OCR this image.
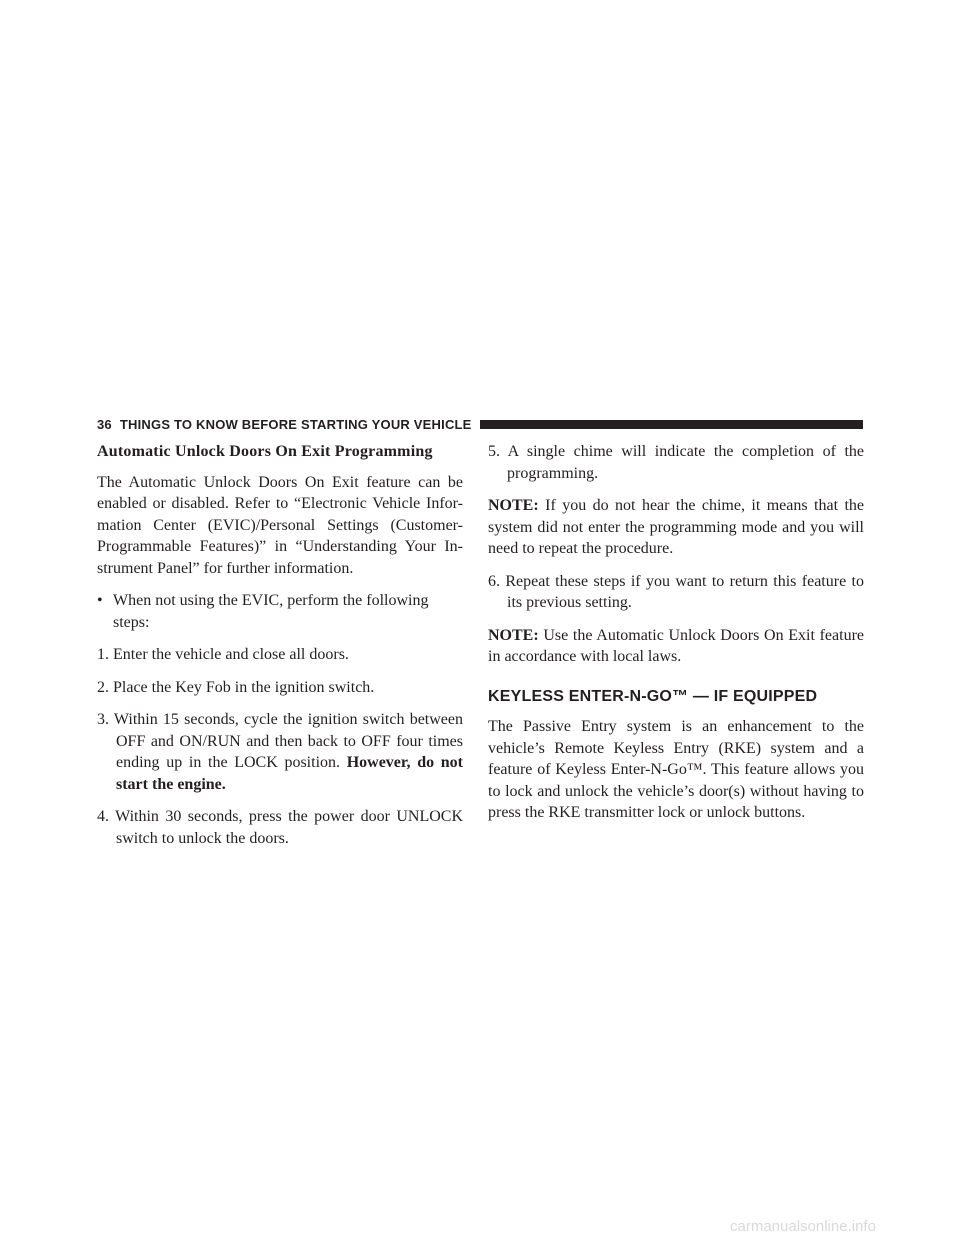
36 THINGS TO KNOW BEFORE STARTING YOUR VEHICLE
Automatic Unlock Doors On Exit Programming

The Automatic Unlock Doors On Exit feature can be enabled or disabled. Refer to “Electronic Vehicle Infor-mation Center (EVIC)/Personal Settings (Customer-Programmable Features)” in “Understanding Your In-strument Panel” for further information.

• When not using the EVIC, perform the following steps:

1. Enter the vehicle and close all doors.

2. Place the Key Fob in the ignition switch.

3. Within 15 seconds, cycle the ignition switch between OFF and ON/RUN and then back to OFF four times ending up in the LOCK position. However, do not start the engine.

4. Within 30 seconds, press the power door UNLOCK switch to unlock the doors.

5. A single chime will indicate the completion of the programming.

NOTE: If you do not hear the chime, it means that the system did not enter the programming mode and you will need to repeat the procedure.

6. Repeat these steps if you want to return this feature to its previous setting.

NOTE: Use the Automatic Unlock Doors On Exit feature in accordance with local laws.

KEYLESS ENTER-N-GO™ — IF EQUIPPED

The Passive Entry system is an enhancement to the vehicle’s Remote Keyless Entry (RKE) system and a feature of Keyless Enter-N-Go™. This feature allows you to lock and unlock the vehicle’s door(s) without having to press the RKE transmitter lock or unlock buttons.

carmanualsonline.info
